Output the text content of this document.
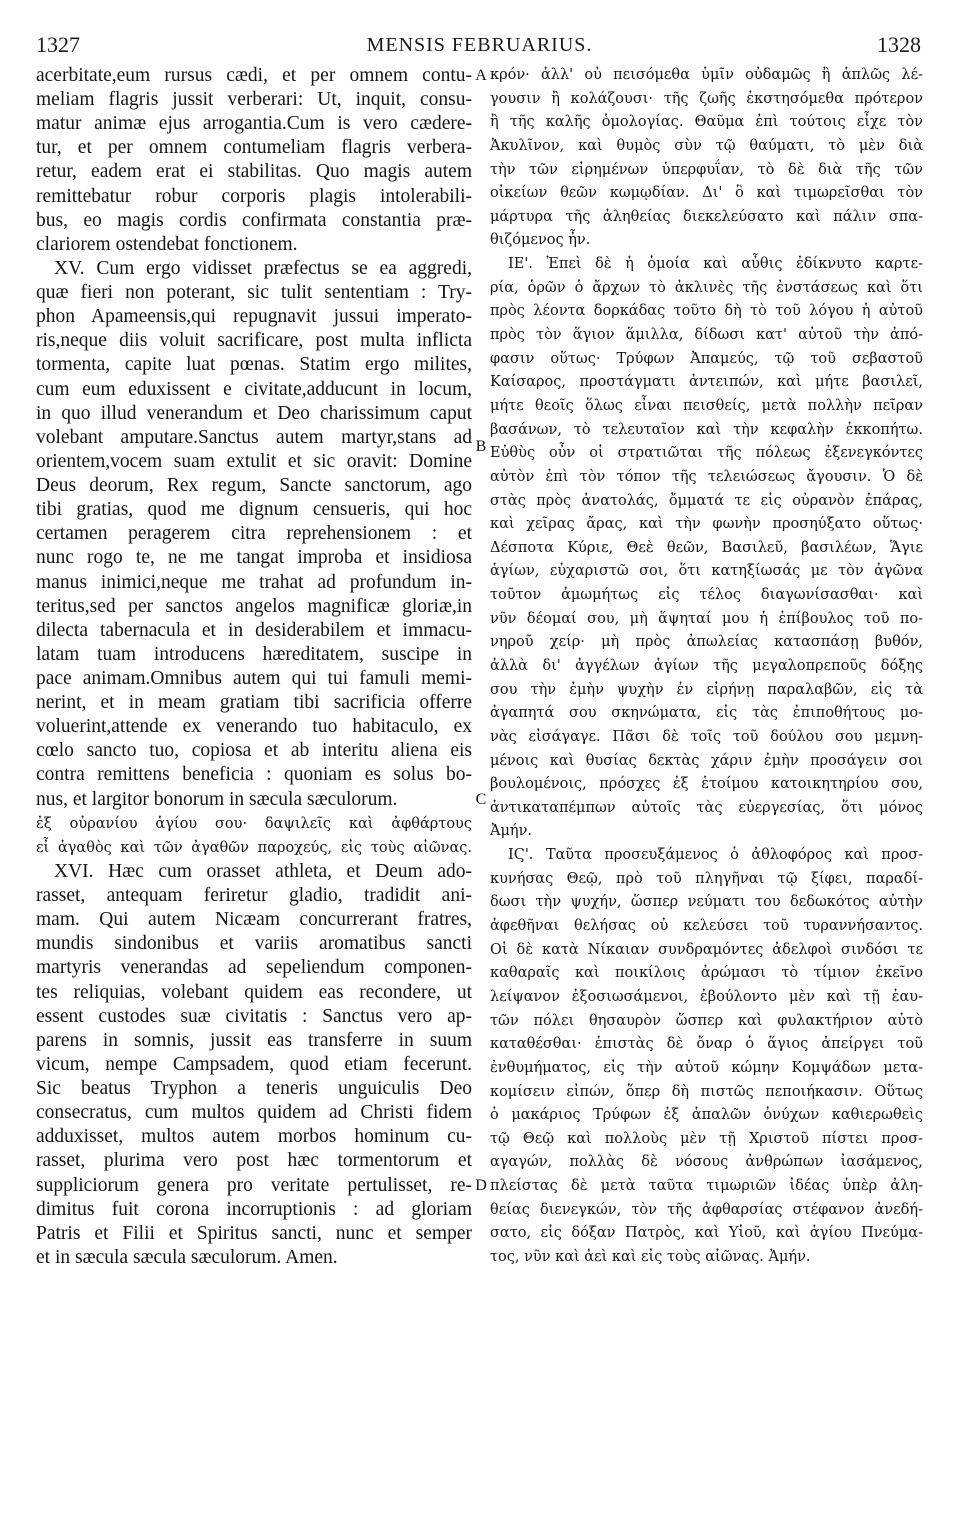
1327	MENSIS FEBRUARIUS.	1328
acerbitate,eum rursus cædi, et per omnem contu-
meliam flagris jussit verberari: Ut, inquit, consu-
matur animæ ejus arrogantia.Cum is vero cædere-
tur, et per omnem contumeliam flagris verbera-
retur, eadem erat ei stabilitas. Quo magis autem
remittebatur robur corporis plagis intolerabili-
bus, eo magis cordis confirmata constantia præ-
clariorem ostendebat fonctionem.
XV. Cum ergo vidisset præfectus se ea aggredi,
quæ fieri non poterant, sic tulit sententiam : Try-
phon Apameensis,qui repugnavit jussui imperato-
ris,neque diis voluit sacrificare, post multa inflicta
tormenta, capite luat pœnas. Statim ergo milites,
cum eum eduxissent e civitate,adducunt in locum,
in quo illud venerandum et Deo charissimum caput
volebant amputare.Sanctus autem martyr,stans ad
orientem,vocem suam extulit et sic oravit: Domine
Deus deorum, Rex regum, Sancte sanctorum, ago
tibi gratias, quod me dignum censueris, qui hoc
certamen peragerem citra reprehensionem : et
nunc rogo te, ne me tangat improba et insidiosa
manus inimici,neque me trahat ad profundum in-
teritus,sed per sanctos angelos magnificæ gloriæ,in
dilecta tabernacula et in desiderabilem et immacu-
latam tuam introducens hæreditatem, suscipe in
pace animam.Omnibus autem qui tui famuli memi-
nerint, et in meam gratiam tibi sacrificia offerre
voluerint,attende ex venerando tuo habitaculo, ex
cœlo sancto tuo, copiosa et ab interitu aliena eis
contra remittens beneficia : quoniam es solus bo-
nus, et largitor bonorum in sæcula sæculorum.
ἐξ οὐρανίου ἁγίου σου· δαψιλεῖς καὶ ἀφθάρτους
εἶ ἀγαθὸς καὶ τῶν ἀγαθῶν παροχεύς, εἰς τοὺς αἰῶνας.
XVI. Hæc cum orasset athleta, et Deum ado-
rasset, antequam feriretur gladio, tradidit ani-
mam. Qui autem Nicæam concurrerant fratres,
mundis sindonibus et variis aromatibus sancti
martyris venerandas ad sepeliendum componen-
tes reliquias, volebant quidem eas recondere, ut
essent custodes suæ civitatis : Sanctus vero ap-
parens in somnis, jussit eas transferre in suum
vicum, nempe Campsadem, quod etiam fecerunt.
Sic beatus Tryphon a teneris unguiculis Deo
consecratus, cum multos quidem ad Christi fidem
adduxisset, multos autem morbos hominum cu-
rasset, plurima vero post hæc tormentorum et
suppliciorum genera pro veritate pertulisset, re-
dimitus fuit corona incorruptionis : ad gloriam
Patris et Filii et Spiritus sancti, nunc et semper
et in sæcula sæcula sæculorum. Amen.
κρόν· ἀλλ' οὐ πεισόμεθα ὑμῖν οὐδαμῶς ἢ ἁπλῶς λέ-
γουσιν ἢ κολάζουσι· τῆς ζωῆς ἐκστησόμεθα πρότερον
ἢ τῆς καλῆς ὁμολογίας. Θαῦμα ἐπὶ τούτοις εἶχε τὸν
Ἀκυλῖνον, καὶ θυμὸς σὺν τῷ θαύματι, τὸ μὲν διὰ
τὴν τῶν εἰρημένων ὑπερφυΐαν, τὸ δὲ διὰ τῆς τῶν
οἰκείων θεῶν κωμῳδίαν. Δι' ὃ καὶ τιμωρεῖσθαι τὸν
μάρτυρα τῆς ἀληθείας διεκελεύσατο καὶ πάλιν σπα-
θιζόμενος ἦν.
ΙΕ'. Ἐπεὶ δὲ ἡ ὁμοία καὶ αὖθις ἐδίκνυτο καρτε-
ρία, ὁρῶν ὁ ἄρχων τὸ ἀκλινὲς τῆς ἐνστάσεως καὶ ὅτι
πρὸς λέοντα δορκάδας τοῦτο δὴ τὸ τοῦ λόγου ἡ αὐτοῦ
πρὸς τὸν ἅγιον ἅμιλλα, δίδωσι κατ' αὐτοῦ τὴν ἀπό-
φασιν οὕτως· Τρύφων Ἀπαμεύς, τῷ τοῦ σεβαστοῦ
Καίσαρος, προστάγματι ἀντειπών, καὶ μήτε βασιλεῖ,
μήτε θεοῖς ὅλως εἶναι πεισθείς, μετὰ πολλὴν πεῖραν
βασάνων, τὸ τελευταῖον καὶ τὴν κεφαλὴν ἐκκοπήτω.
Εὐθὺς οὖν οἱ στρατιῶται τῆς πόλεως ἐξενεγκόντες
αὐτὸν ἐπὶ τὸν τόπον τῆς τελειώσεως ἄγουσιν. Ὁ δὲ
στὰς πρὸς ἀνατολάς, ὄμματά τε εἰς οὐρανὸν ἐπάρας,
καὶ χεῖρας ἄρας, καὶ τὴν φωνὴν προσηύξατο οὕτως·
Δέσποτα Κύριε, Θεὲ θεῶν, Βασιλεῦ, βασιλέων, Ἅγιε
ἁγίων, εὐχαριστῶ σοι, ὅτι κατηξίωσάς με τὸν ἀγῶνα
τοῦτον ἀμωμήτως εἰς τέλος διαγωνίσασθαι· καὶ
νῦν δέομαί σου, μὴ ἅψηταί μου ἡ ἐπίβουλος τοῦ πο-
νηροῦ χείρ· μὴ πρὸς ἀπωλείας κατασπάσῃ βυθόν,
ἀλλὰ δι' ἀγγέλων ἁγίων τῆς μεγαλοπρεποῦς δόξης
σου τὴν ἐμὴν ψυχὴν ἐν εἰρήνῃ παραλαβῶν, εἰς τὰ
ἀγαπητά σου σκηνώματα, εἰς τὰς ἐπιποθήτους μο-
νὰς εἰσάγαγε. Πᾶσι δὲ τοῖς τοῦ δούλου σου μεμνη-
μένοις καὶ θυσίας δεκτὰς χάριν ἐμὴν προσάγειν σοι
βουλομένοις, πρόσχες ἐξ ἑτοίμου κατοικητηρίου σου,
ἀντικαταπέμπων αὐτοῖς τὰς εὐεργεσίας, ὅτι μόνος
Ἀμήν.
ΙϚ'. Ταῦτα προσευξάμενος ὁ ἀθλοφόρος καὶ προσ-
κυνήσας Θεῷ, πρὸ τοῦ πληγῆναι τῷ ξίφει, παραδί-
δωσι τὴν ψυχήν, ὥσπερ νεύματι του δεδωκότος αὐτὴν
ἀφεθῆναι θελήσας οὐ κελεύσει τοῦ τυραννήσαντος.
Οἱ δὲ κατὰ Νίκαιαν συνδραμόντες ἀδελφοὶ σινδόσι τε
καθαραῖς καὶ ποικίλοις ἀρώμασι τὸ τίμιον ἐκεῖνο
λείψανον ἐξοσιωσάμενοι, ἐβούλοντο μὲν καὶ τῇ ἑαυ-
τῶν πόλει θησαυρὸν ὥσπερ καὶ φυλακτήριον αὐτὸ
καταθέσθαι· ἐπιστὰς δὲ ὄναρ ὁ ἅγιος ἀπείργει τοῦ
ἐνθυμήματος, εἰς τὴν αὐτοῦ κώμην Κομψάδων μετα-
κομίσειν εἰπών, ὅπερ δὴ πιστῶς πεποιήκασιν. Οὕτως
ὁ μακάριος Τρύφων ἐξ ἁπαλῶν ὀνύχων καθιερωθεὶς
τῷ Θεῷ καὶ πολλοὺς μὲν τῇ Χριστοῦ πίστει προσ-
αγαγών, πολλὰς δὲ νόσους ἀνθρώπων ἰασάμενος,
πλείστας δὲ μετὰ ταῦτα τιμωριῶν ἰδέας ὑπὲρ ἀλη-
θείας διενεγκών, τὸν τῆς ἀφθαρσίας στέφανον ἀνεδή-
σατο, εἰς δόξαν Πατρὸς, καὶ Υἱοῦ, καὶ ἁγίου Πνεύμα-
τος, νῦν καὶ ἀεὶ καὶ εἰς τοὺς αἰῶνας. Ἀμήν.
A
B
C
D
